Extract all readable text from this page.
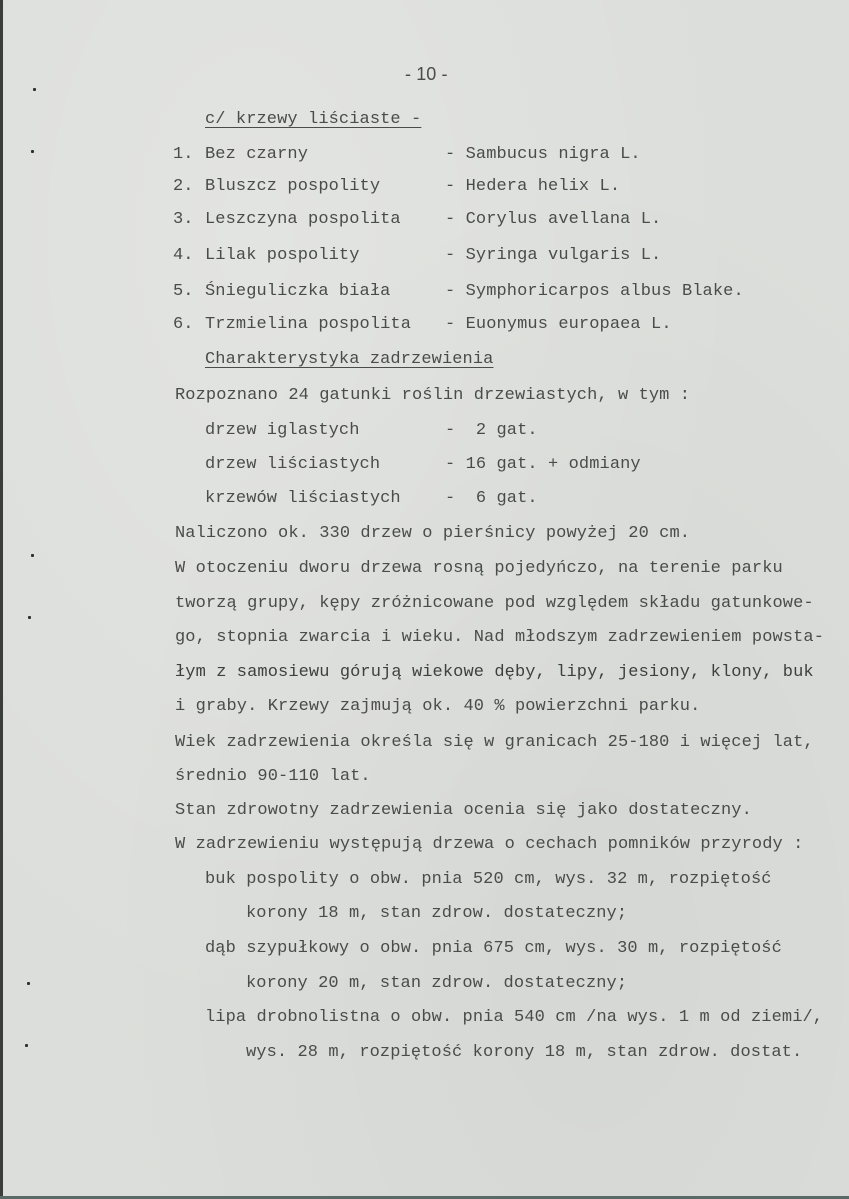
- 10 -
c/ krzewy liściaste -
1. Bez czarny	- Sambucus nigra L.
2. Bluszcz pospolity	- Hedera helix L.
3. Leszczyna pospolita	- Corylus avellana L.
4. Lilak pospolity	- Syringa vulgaris L.
5. Śnieguliczka biała	- Symphoricarpos albus Blake.
6. Trzmielina pospolita - Euonymus europaea L.
Charakterystyka zadrzewienia
Rozpoznano 24 gatunki roślin drzewiastych, w tym :
drzew iglastych	-  2 gat.
drzew liściastych	- 16 gat. + odmiany
krzewów liściastych	-  6 gat.
Naliczono ok. 330 drzew o pierśnicy powyżej 20 cm.
W otoczeniu dworu drzewa rosną pojedyńczo, na terenie parku
tworzą grupy, kępy zróżnicowane pod względem składu gatunkowe-
go, stopnia zwarcia i wieku. Nad młodszym zadrzewieniem powsta-
łym z samosiewu górują wiekowe dęby, lipy, jesiony, klony, buk
i graby. Krzewy zajmują ok. 40 % powierzchni parku.
Wiek zadrzewienia określa się w granicach 25-180 i więcej lat,
średnio 90-110 lat.
Stan zdrowotny zadrzewienia ocenia się jako dostateczny.
W zadrzewieniu występują drzewa o cechach pomników przyrody :
buk pospolity o obw. pnia 520 cm, wys. 32 m, rozpiętość
korony 18 m, stan zdrow. dostateczny;
dąb szypułkowy o obw. pnia 675 cm, wys. 30 m, rozpiętość
korony 20 m, stan zdrow. dostateczny;
lipa drobnolistna o obw. pnia 540 cm /na wys. 1 m od ziemi/,
wys. 28 m, rozpiętość korony 18 m, stan zdrow. dostat.
